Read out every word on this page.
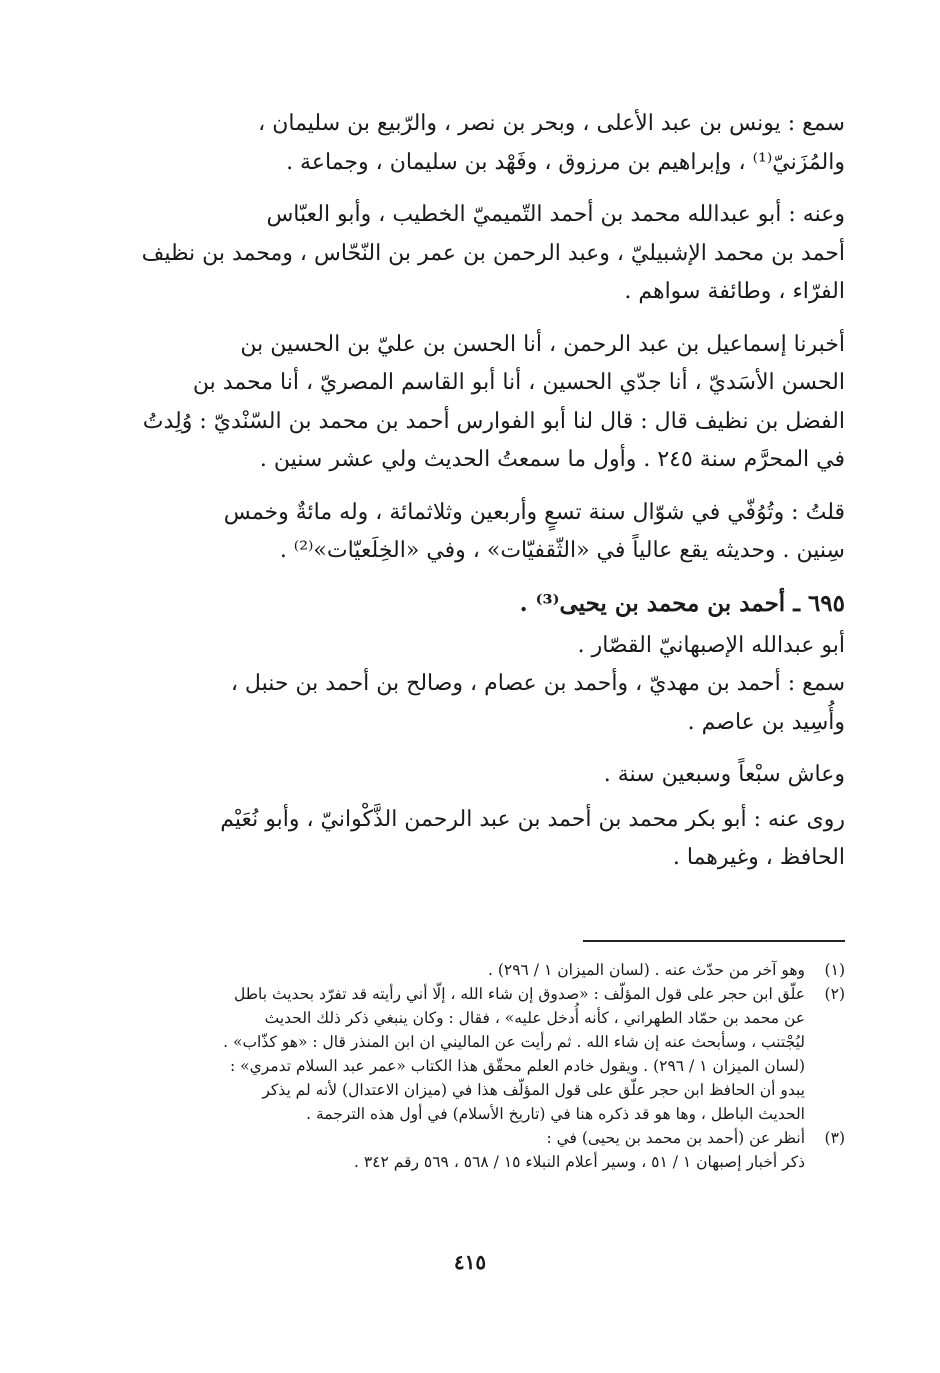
سمع : يونس بن عبد الأعلى ، وبحر بن نصر ، والرّبيع بن سليمان ،
والمُزَنيّ⁽¹⁾ ، وإبراهيم بن مرزوق ، وفَهْد بن سليمان ، وجماعة .
وعنه : أبو عبدالله محمد بن أحمد التّميميّ الخطيب ، وأبو العبّاس
أحمد بن محمد الإشبيليّ ، وعبد الرحمن بن عمر بن النّحّاس ، ومحمد بن نظيف
الفرّاء ، وطائفة سواهم .
أخبرنا إسماعيل بن عبد الرحمن ، أنا الحسن بن عليّ بن الحسين بن
الحسن الأسَديّ ، أنا جدّي الحسين ، أنا أبو القاسم المصريّ ، أنا محمد بن
الفضل بن نظيف قال : قال لنا أبو الفوارس أحمد بن محمد بن السّنْديّ : وُلِدتُ
في المحرَّم سنة ٢٤٥ . وأول ما سمعتُ الحديث ولي عشر سنين .
قلتُ : وتُوُفّي في شوّال سنة تسعٍ وأربعين وثلاثمائة ، وله مائةٌ وخمس
سِنين . وحديثه يقع عالياً في «الثّقفيّات» ، وفي «الخِلَعيّات»⁽²⁾ .
٦٩٥ ـ أحمد بن محمد بن يحيى⁽³⁾ .
أبو عبدالله الإصبهانيّ القصّار .
سمع : أحمد بن مهديّ ، وأحمد بن عصام ، وصالح بن أحمد بن حنبل ،
وأُسِيد بن عاصم .
وعاش سبْعاً وسبعين سنة .
روى عنه : أبو بكر محمد بن أحمد بن عبد الرحمن الذَّكْوانيّ ، وأبو نُعَيْم
الحافظ ، وغيرهما .
(١)
وهو آخر من حدّث عنه . (لسان الميزان ١ / ٢٩٦) .
(٢)
علّق ابن حجر على قول المؤلّف : «صدوق إن شاء الله ، إلّا أني رأيته قد تفرّد بحديث باطل
عن محمد بن حمّاد الطهراني ، كأنه أُدخل عليه» ، فقال : وكان ينبغي ذكر ذلك الحديث
ليُجْتنب ، وسأبحث عنه إن شاء الله . ثم رأيت عن الماليني ان ابن المنذر قال : «هو كذّاب» .
(لسان الميزان ١ / ٢٩٦) . ويقول خادم العلم محقّق هذا الكتاب «عمر عبد السلام تدمري» :
يبدو أن الحافظ ابن حجر علّق على قول المؤلّف هذا في (ميزان الاعتدال) لأنه لم يذكر
الحديث الباطل ، وها هو قد ذكره هنا في (تاريخ الأسلام) في أول هذه الترجمة .
(٣)
أنظر عن (أحمد بن محمد بن يحيى) في :
ذكر أخبار إصبهان ١ / ٥١ ، وسير أعلام النبلاء ١٥ / ٥٦٨ ، ٥٦٩ رقم ٣٤٢ .
٤١٥
